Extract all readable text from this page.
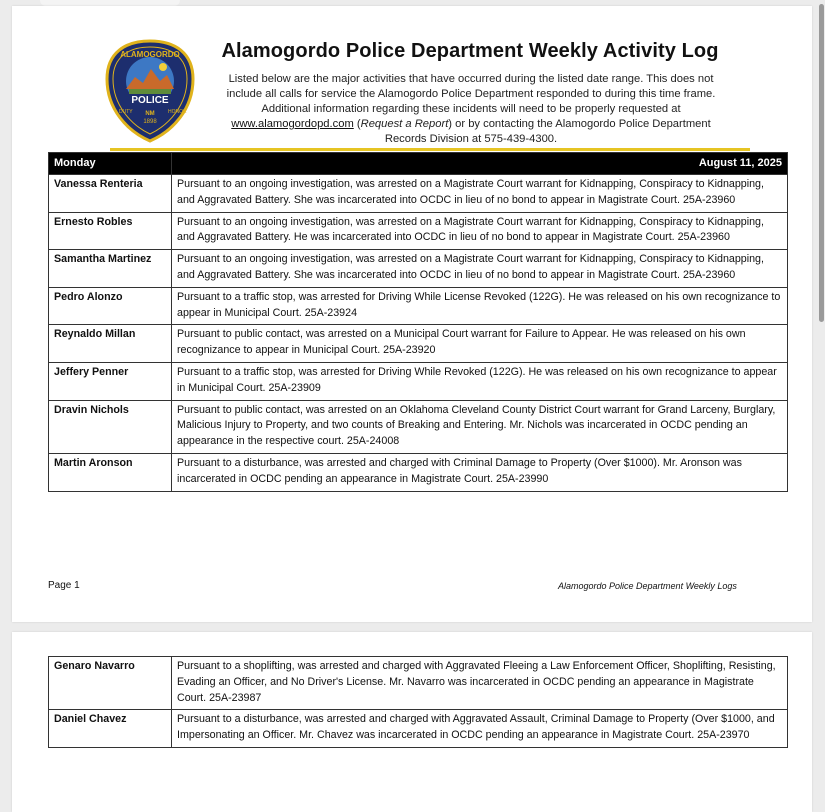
POLICE
ALAMOGORDO
NM
1898
DUTY	HONOR
Alamogordo Police Department Weekly Activity Log
Listed below are the major activities that have occurred during the listed date range. This does not include all calls for service the Alamogordo Police Department responded to during this time frame. Additional information regarding these incidents will need to be properly requested at www.alamogordopd.com (Request a Report) or by contacting the Alamogordo Police Department Records Division at 575-439-4300.
Monday	August 11, 2025
Vanessa Renteria	Pursuant to an ongoing investigation, was arrested on a Magistrate Court warrant for Kidnapping, Conspiracy to Kidnapping, and Aggravated Battery. She was incarcerated into OCDC in lieu of no bond to appear in Magistrate Court. 25A-23960
Ernesto Robles	Pursuant to an ongoing investigation, was arrested on a Magistrate Court warrant for Kidnapping, Conspiracy to Kidnapping, and Aggravated Battery. He was incarcerated into OCDC in lieu of no bond to appear in Magistrate Court. 25A-23960
Samantha Martinez	Pursuant to an ongoing investigation, was arrested on a Magistrate Court warrant for Kidnapping, Conspiracy to Kidnapping, and Aggravated Battery. She was incarcerated into OCDC in lieu of no bond to appear in Magistrate Court. 25A-23960
Pedro Alonzo	Pursuant to a traffic stop, was arrested for Driving While License Revoked (122G). He was released on his own recognizance to appear in Municipal Court. 25A-23924
Reynaldo Millan	Pursuant to public contact, was arrested on a Municipal Court warrant for Failure to Appear. He was released on his own recognizance to appear in Municipal Court. 25A-23920
Jeffery Penner	Pursuant to a traffic stop, was arrested for Driving While Revoked (122G). He was released on his own recognizance to appear in Municipal Court. 25A-23909
Dravin Nichols	Pursuant to public contact, was arrested on an Oklahoma Cleveland County District Court warrant for Grand Larceny, Burglary, Malicious Injury to Property, and two counts of Breaking and Entering. Mr. Nichols was incarcerated in OCDC pending an appearance in the respective court. 25A-24008
Martin Aronson	Pursuant to a disturbance, was arrested and charged with Criminal Damage to Property (Over $1000). Mr. Aronson was incarcerated in OCDC pending an appearance in Magistrate Court. 25A-23990
Page 1	Alamogordo Police Department Weekly Logs
Genaro Navarro	Pursuant to a shoplifting, was arrested and charged with Aggravated Fleeing a Law Enforcement Officer, Shoplifting, Resisting, Evading an Officer, and No Driver's License. Mr. Navarro was incarcerated in OCDC pending an appearance in Magistrate Court. 25A-23987
Daniel Chavez	Pursuant to a disturbance, was arrested and charged with Aggravated Assault, Criminal Damage to Property (Over $1000, and Impersonating an Officer. Mr. Chavez was incarcerated in OCDC pending an appearance in Magistrate Court. 25A-23970
